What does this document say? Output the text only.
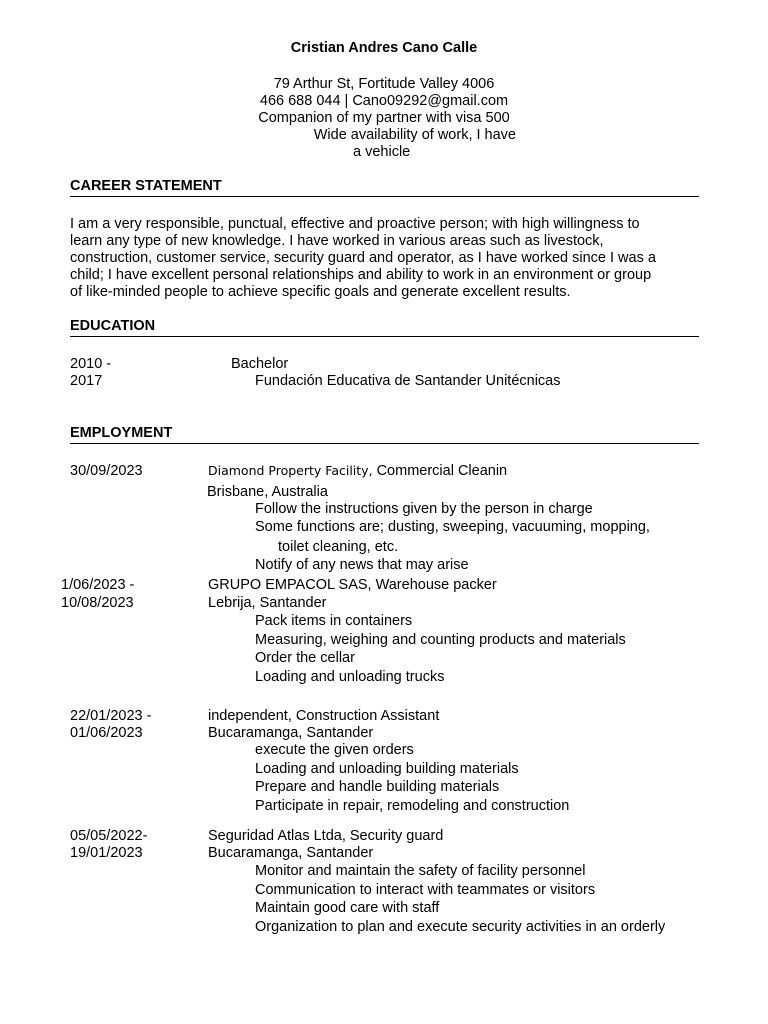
Cristian Andres Cano Calle
79 Arthur St, Fortitude Valley 4006
466 688 044 | Cano09292@gmail.com
Companion of my partner with visa 500
Wide availability of work, I have
a vehicle
CAREER STATEMENT
I am a very responsible, punctual, effective and proactive person; with high willingness to
learn any type of new knowledge. I have worked in various areas such as livestock,
construction, customer service, security guard and operator, as I have worked since I was a
child; I have excellent personal relationships and ability to work in an environment or group
of like-minded people to achieve specific goals and generate excellent results.
EDUCATION
2010 -
2017
Bachelor
Fundación Educativa de Santander Unitécnicas
EMPLOYMENT
30/09/2023	Diamond Property Facility, Commercial Cleanin
Brisbane, Australia
Follow the instructions given by the person in charge
Some functions are; dusting, sweeping, vacuuming, mopping,
toilet cleaning, etc.
Notify of any news that may arise
1/06/2023 -
10/08/2023
GRUPO EMPACOL SAS, Warehouse packer
Lebrija, Santander
Pack items in containers
Measuring, weighing and counting products and materials
Order the cellar
Loading and unloading trucks
22/01/2023 -
01/06/2023
independent, Construction Assistant
Bucaramanga, Santander
execute the given orders
Loading and unloading building materials
Prepare and handle building materials
Participate in repair, remodeling and construction
05/05/2022-
19/01/2023
Seguridad Atlas Ltda, Security guard
Bucaramanga, Santander
Monitor and maintain the safety of facility personnel
Communication to interact with teammates or visitors
Maintain good care with staff
Organization to plan and execute security activities in an orderly
